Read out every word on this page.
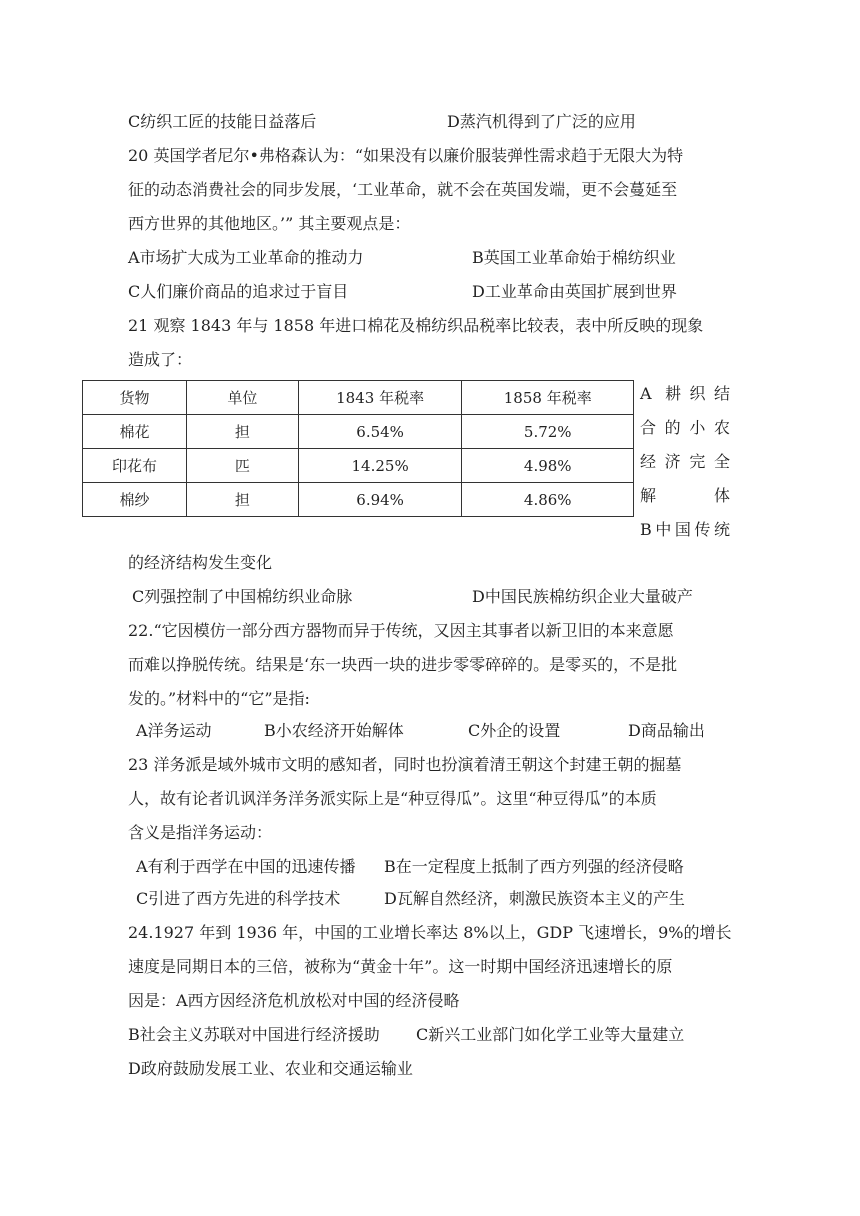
C纺织工匠的技能日益落后	D蒸汽机得到了广泛的应用
20 英国学者尼尔•弗格森认为：“如果没有以廉价服装弹性需求趋于无限大为特
征的动态消费社会的同步发展，‘工业革命，就不会在英国发端，更不会蔓延至
西方世界的其他地区。’” 其主要观点是：
A市场扩大成为工业革命的推动力	B英国工业革命始于棉纺织业
C人们廉价商品的追求过于盲目	D工业革命由英国扩展到世界
21 观察 1843 年与 1858 年进口棉花及棉纺织品税率比较表，表中所反映的现象
造成了：
货物	单位	1843 年税率	1858 年税率
棉花	担	6.54%	5.72%
印花布	匹	14.25%	4.98%
棉纱	担	6.94%	4.86%
A 耕织结
合的小农
经济完全
解　　体
B中国传统
的经济结构发生变化
C列强控制了中国棉纺织业命脉	D中国民族棉纺织企业大量破产
22.“它因模仿一部分西方器物而异于传统，又因主其事者以新卫旧的本来意愿
而难以挣脱传统。结果是‘东一块西一块的进步零零碎碎的。是零买的，不是批
发的。”材料中的“它”是指:
A洋务运动	B小农经济开始解体	C外企的设置	D商品输出
23 洋务派是域外城市文明的感知者，同时也扮演着清王朝这个封建王朝的掘墓
人，故有论者讥讽洋务洋务派实际上是“种豆得瓜”。这里“种豆得瓜”的本质
含义是指洋务运动：
A有利于西学在中国的迅速传播 B在一定程度上抵制了西方列强的经济侵略
C引进了西方先进的科学技术	D瓦解自然经济，刺激民族资本主义的产生
24.1927 年到 1936 年，中国的工业增长率达 8%以上，GDP 飞速增长，9%的增长
速度是同期日本的三倍，被称为“黄金十年”。这一时期中国经济迅速增长的原
因是：A西方因经济危机放松对中国的经济侵略
B社会主义苏联对中国进行经济援助 C新兴工业部门如化学工业等大量建立
D政府鼓励发展工业、农业和交通运输业
